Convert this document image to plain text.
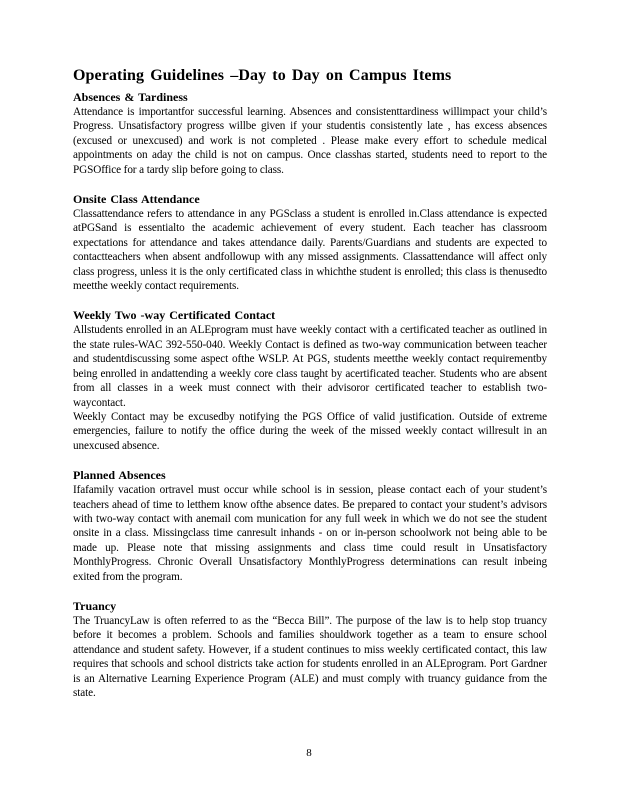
Operating Guidelines –Day to Day on Campus Items
Absences & Tardiness

Attendance is importantfor successful learning. Absences and consistenttardiness willimpact your child’s Progress. Unsatisfactory progress willbe given if your studentis consistently late , has excess absences (excused or unexcused) and work is not completed . Please make every effort to schedule medical appointments on aday the child is not on campus. Once classhas started, students need to report to the PGSOffice for a tardy slip before going to class.

Onsite Class Attendance

Classattendance refers to attendance in any PGSclass a student is enrolled in.Class attendance is expected atPGSand is essentialto the academic achievement of every student. Each teacher has classroom expectations for attendance and takes attendance daily. Parents/Guardians and students are expected to contactteachers when absent andfollowup with any missed assignments. Classattendance will affect only class progress, unless it is the only certificated class in whichthe student is enrolled; this class is thenusedto meetthe weekly contact requirements.

Weekly Two -way Certificated Contact

Allstudents enrolled in an ALEprogram must have weekly contact with a certificated teacher as outlined in the state rules-WAC 392-550-040. Weekly Contact is defined as two-way communication between teacher and studentdiscussing some aspect ofthe WSLP. At PGS, students meetthe weekly contact requirementby being enrolled in andattending a weekly core class taught by acertificated teacher. Students who are absent from all classes in a week must connect with their advisoror certificated teacher to establish two-waycontact.

Weekly Contact may be excusedby notifying the PGS Office of valid justification. Outside of extreme emergencies, failure to notify the office during the week of the missed weekly contact willresult in an unexcused absence.

Planned Absences

Ifafamily vacation ortravel must occur while school is in session, please contact each of your student’s teachers ahead of time to letthem know ofthe absence dates. Be prepared to contact your student’s advisors with two-way contact with anemail com munication for any full week in which we do not see the student onsite in a class. Missingclass time canresult inhands - on or in-person schoolwork not being able to be made up. Please note that missing assignments and class time could result in Unsatisfactory MonthlyProgress. Chronic Overall Unsatisfactory MonthlyProgress determinations can result inbeing exited from the program.

Truancy

The TruancyLaw is often referred to as the “Becca Bill”. The purpose of the law is to help stop truancy before it becomes a problem. Schools and families shouldwork together as a team to ensure school attendance and student safety. However, if a student continues to miss weekly certificated contact, this law requires that schools and school districts take action for students enrolled in an ALEprogram. Port Gardner is an Alternative Learning Experience Program (ALE) and must comply with truancy guidance from the state.

8
